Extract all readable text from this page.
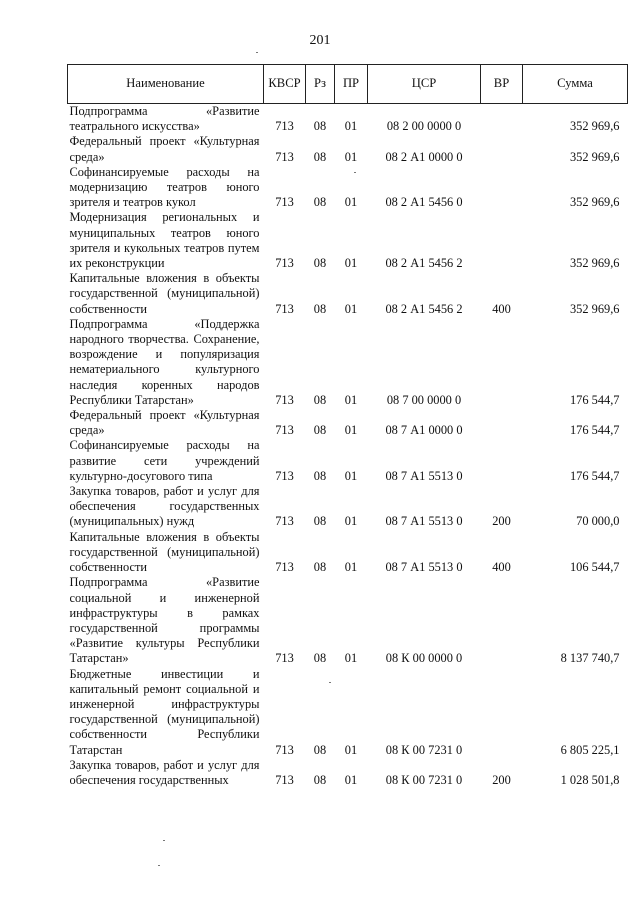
201
Наименование	КВСР	Рз	ПР	ЦСР	ВР	Сумма
Подпрограмма «Развитие театрального искусства»	713	08	01	08 2 00 0000 0		352 969,6
Федеральный проект «Культурная среда»	713	08	01	08 2 А1 0000 0		352 969,6
Софинансируемые расходы на модернизацию театров юного зрителя и театров кукол	713	08	01	08 2 А1 5456 0		352 969,6
Модернизация региональных и муниципальных театров юного зрителя и кукольных театров путем их реконструкции	713	08	01	08 2 А1 5456 2		352 969,6
Капитальные вложения в объекты государственной (муниципальной) собственности	713	08	01	08 2 А1 5456 2	400	352 969,6
Подпрограмма «Поддержка народного творчества. Сохранение, возрождение и популяризация нематериального культурного наследия коренных народов Республики Татарстан»	713	08	01	08 7 00 0000 0		176 544,7
Федеральный проект «Культурная среда»	713	08	01	08 7 А1 0000 0		176 544,7
Софинансируемые расходы на развитие сети учреждений культурно-досугового типа	713	08	01	08 7 А1 5513 0		176 544,7
Закупка товаров, работ и услуг для обеспечения государственных (муниципальных) нужд	713	08	01	08 7 А1 5513 0	200	70 000,0
Капитальные вложения в объекты государственной (муниципальной) собственности	713	08	01	08 7 А1 5513 0	400	106 544,7
Подпрограмма «Развитие социальной и инженерной инфраструктуры в рамках государственной программы «Развитие культуры Республики Татарстан»	713	08	01	08 К 00 0000 0		8 137 740,7
Бюджетные инвестиции и капитальный ремонт социальной и инженерной инфраструктуры государственной (муниципальной) собственности Республики Татарстан	713	08	01	08 К 00 7231 0		6 805 225,1
Закупка товаров, работ и услуг для обеспечения государственных	713	08	01	08 К 00 7231 0	200	1 028 501,8
